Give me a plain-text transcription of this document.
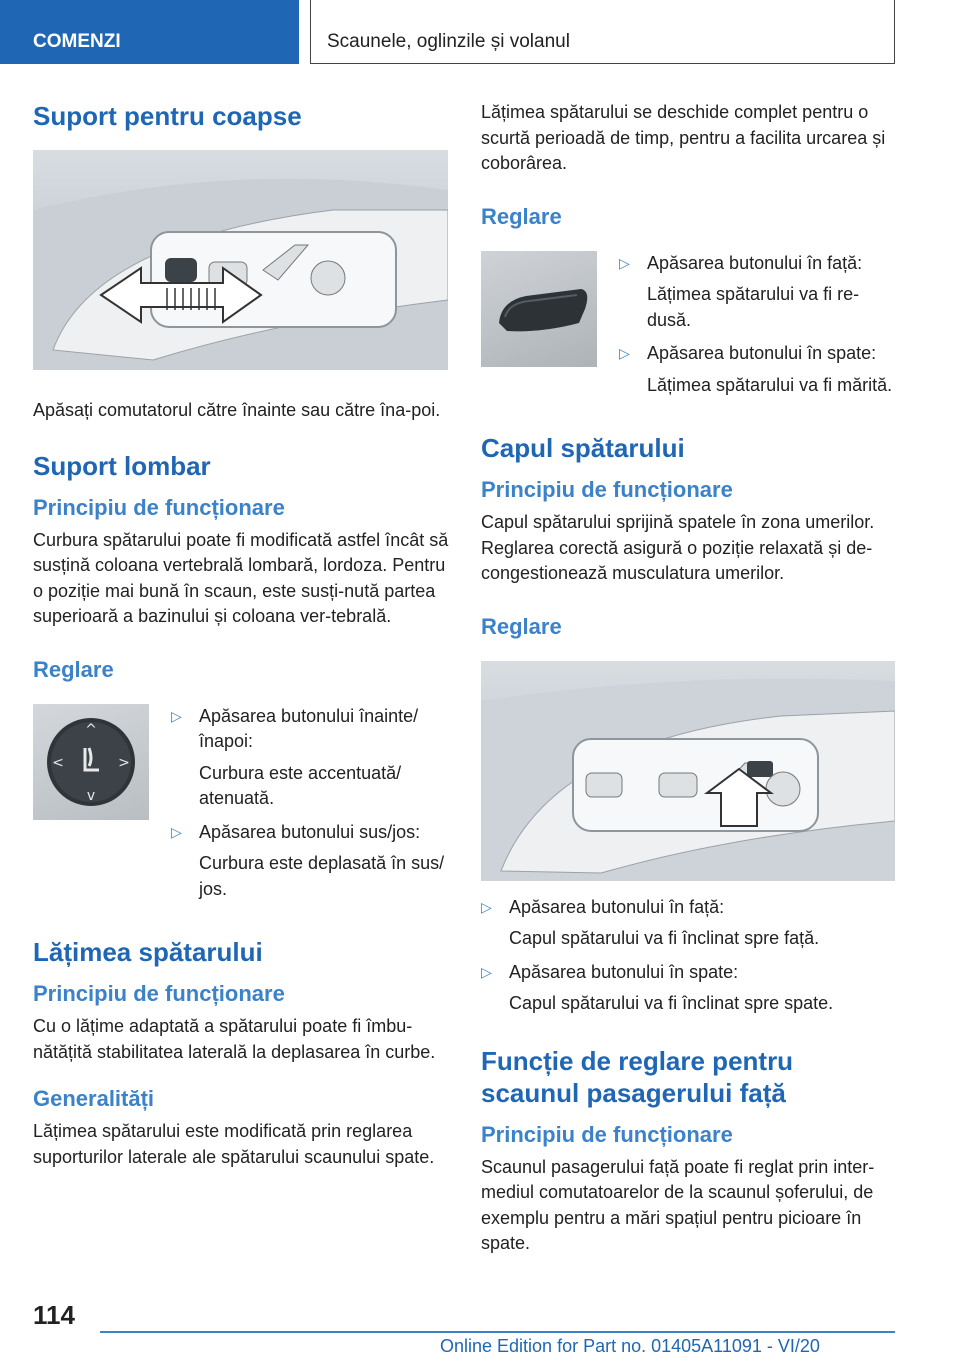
COMENZI	Scaunele, oglinzile și volanul
Suport pentru coapse

Apăsați comutatorul către înainte sau către îna‐poi.

Suport lombar
Principiu de funcționare

Curbura spătarului poate fi modificată astfel încât să susțină coloana vertebrală lombară, lordoza. Pentru o poziție mai bună în scaun, este susți‐nută partea superioară a bazinului și coloana ver‐tebrală.

Reglare
^
v
<	>
▷ Apăsarea butonului înainte/ înapoi:
Curbura este accentuată/ atenuată.
▷ Apăsarea butonului sus/jos:
Curbura este deplasată în sus/ jos.
Lățimea spătarului
Principiu de funcționare

Cu o lățime adaptată a spătarului poate fi îmbu‐nătățită stabilitatea laterală la deplasarea în curbe.

Generalități

Lățimea spătarului este modificată prin reglarea suporturilor laterale ale spătarului scaunului spate.

Lățimea spătarului se deschide complet pentru o scurtă perioadă de timp, pentru a facilita urcarea și coborârea.

Reglare
▷ Apăsarea butonului în față:
Lățimea spătarului va fi re‐dusă.
▷ Apăsarea butonului în spate:
Lățimea spătarului va fi mărită.
Capul spătarului
Principiu de funcționare

Capul spătarului sprijină spatele în zona umerilor. Reglarea corectă asigură o poziție relaxată și de‐congestionează musculatura umerilor.

Reglare
▷ Apăsarea butonului în față:
Capul spătarului va fi înclinat spre față.
▷ Apăsarea butonului în spate:
Capul spătarului va fi înclinat spre spate.
Funcție de reglare pentru scaunul pasagerului față
Principiu de funcționare

Scaunul pasagerului față poate fi reglat prin inter‐mediul comutatoarelor de la scaunul șoferului, de exemplu pentru a mări spațiul pentru picioare în spate.

114
Online Edition for Part no. 01405A11091 - VI/20
